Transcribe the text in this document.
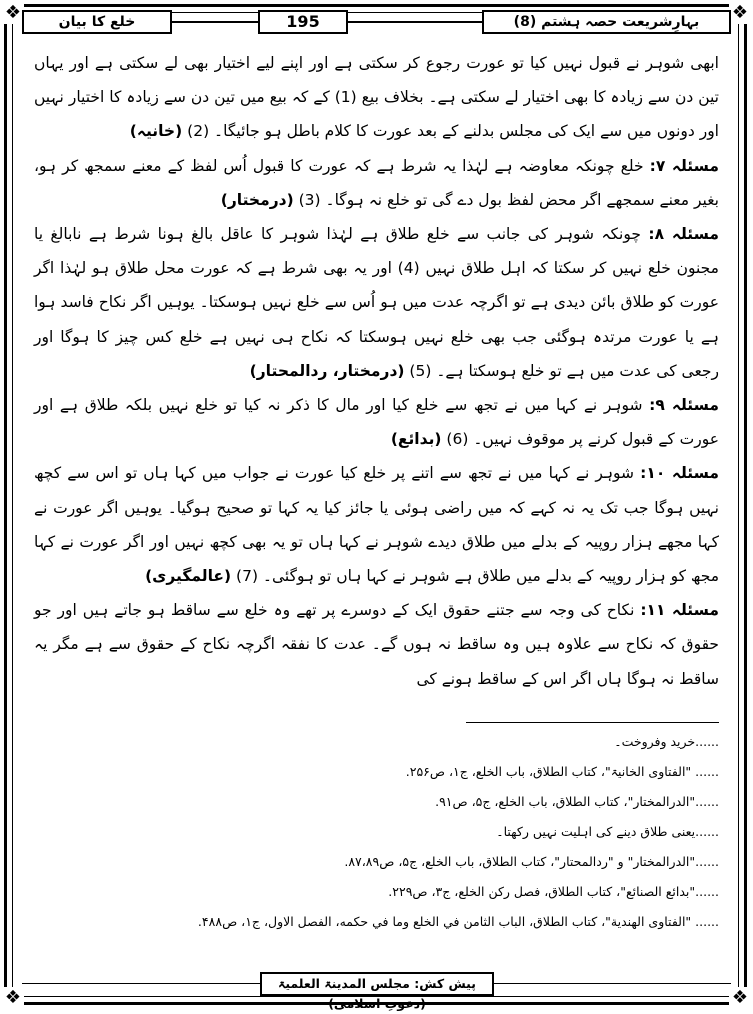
❖	❖
❖	❖
خلع کا بیان	195	بہارِشریعت حصہ ہشتم (8)

ابھی شوہر نے قبول نہیں کیا تو عورت رجوع کر سکتی ہے اور اپنے لیے اختیار بھی لے سکتی ہے اور یہاں تین دن سے زیادہ کا بھی اختیار لے سکتی ہے۔ بخلاف بیع (1) کے کہ بیع میں تین دن سے زیادہ کا اختیار نہیں اور دونوں میں سے ایک کی مجلس بدلنے کے بعد عورت کا کلام باطل ہو جائیگا۔ (2) (خانیہ)

مسئلہ ۷: خلع چونکہ معاوضہ ہے لہٰذا یہ شرط ہے کہ عورت کا قبول اُس لفظ کے معنے سمجھ کر ہو، بغیر معنے سمجھے اگر محض لفظ بول دے گی تو خلع نہ ہوگا۔ (3) (درمختار)

مسئلہ ۸: چونکہ شوہر کی جانب سے خلع طلاق ہے لہٰذا شوہر کا عاقل بالغ ہونا شرط ہے نابالغ یا مجنون خلع نہیں کر سکتا کہ اہل طلاق نہیں (4) اور یہ بھی شرط ہے کہ عورت محل طلاق ہو لہٰذا اگر عورت کو طلاق بائن دیدی ہے تو اگرچہ عدت میں ہو اُس سے خلع نہیں ہوسکتا۔ یوہیں اگر نکاح فاسد ہوا ہے یا عورت مرتدہ ہوگئی جب بھی خلع نہیں ہوسکتا کہ نکاح ہی نہیں ہے خلع کس چیز کا ہوگا اور رجعی کی عدت میں ہے تو خلع ہوسکتا ہے۔ (5) (درمختار، ردالمحتار)

مسئلہ ۹: شوہر نے کہا میں نے تجھ سے خلع کیا اور مال کا ذکر نہ کیا تو خلع نہیں بلکہ طلاق ہے اور عورت کے قبول کرنے پر موقوف نہیں۔ (6) (بدائع)

مسئلہ ۱۰: شوہر نے کہا میں نے تجھ سے اتنے پر خلع کیا عورت نے جواب میں کہا ہاں تو اس سے کچھ نہیں ہوگا جب تک یہ نہ کہے کہ میں راضی ہوئی یا جائز کیا یہ کہا تو صحیح ہوگیا۔ یوہیں اگر عورت نے کہا مجھے ہزار روپیہ کے بدلے میں طلاق دیدے شوہر نے کہا ہاں تو یہ بھی کچھ نہیں اور اگر عورت نے کہا مجھ کو ہزار روپیہ کے بدلے میں طلاق ہے شوہر نے کہا ہاں تو ہوگئی۔ (7) (عالمگیری)

مسئلہ ۱۱: نکاح کی وجہ سے جتنے حقوق ایک کے دوسرے پر تھے وہ خلع سے ساقط ہو جاتے ہیں اور جو حقوق کہ نکاح سے علاوہ ہیں وہ ساقط نہ ہوں گے۔ عدت کا نفقہ اگرچہ نکاح کے حقوق سے ہے مگر یہ ساقط نہ ہوگا ہاں اگر اس کے ساقط ہونے کی

......خرید وفروخت۔
...... "الفتاوی الخانیۃ"، کتاب الطلاق، باب الخلع، ج۱، ص۲۵۶.
......"الدرالمختار"، کتاب الطلاق، باب الخلع، ج۵، ص۹۱.
......یعنی طلاق دینے کی اہلیت نہیں رکھتا۔
......"الدرالمختار" و "ردالمحتار"، کتاب الطلاق، باب الخلع، ج۵، ص۸۷،۸۹.
......"بدائع الصنائع"، کتاب الطلاق، فصل رکن الخلع، ج۳، ص۲۲۹.
...... "الفتاوی الهندیة"، کتاب الطلاق، الباب الثامن في الخلع وما في حکمه، الفصل الاول، ج۱، ص۴۸۸.
پیش کش: مجلس المدینۃ العلمیۃ (دعوتِ اسلامی)
